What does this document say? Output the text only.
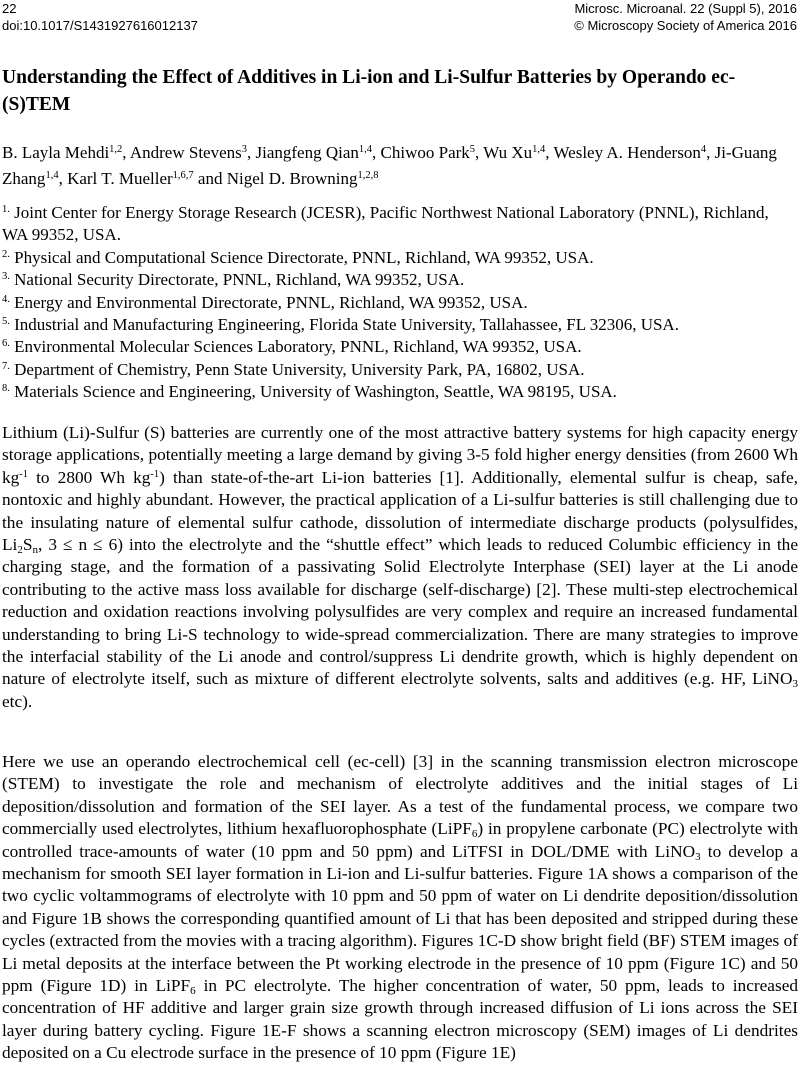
22
doi:10.1017/S1431927616012137
Microsc. Microanal. 22 (Suppl 5), 2016
© Microscopy Society of America 2016
Understanding the Effect of Additives in Li-ion and Li-Sulfur Batteries by Operando ec- (S)TEM

B. Layla Mehdi$^{1,2}$, Andrew Stevens$^3$, Jiangfeng Qian$^{1,4}$, Chiwoo Park$^5$, Wu Xu$^{1,4}$, Wesley A. Henderson$^4$, Ji-Guang Zhang$^{1,4}$, Karl T. Mueller$^{1,6,7}$ and Nigel D. Browning$^{1,2,8}$

$^{1.}$ Joint Center for Energy Storage Research (JCESR), Pacific Northwest National Laboratory (PNNL), Richland, WA 99352, USA.

$^{2.}$ Physical and Computational Science Directorate, PNNL, Richland, WA 99352, USA.

$^{3.}$ National Security Directorate, PNNL, Richland, WA 99352, USA.

$^{4.}$ Energy and Environmental Directorate, PNNL, Richland, WA 99352, USA.

$^{5.}$ Industrial and Manufacturing Engineering, Florida State University, Tallahassee, FL 32306, USA.

$^{6.}$ Environmental Molecular Sciences Laboratory, PNNL, Richland, WA 99352, USA.

$^{7.}$ Department of Chemistry, Penn State University, University Park, PA, 16802, USA.

$^{8.}$ Materials Science and Engineering, University of Washington, Seattle, WA 98195, USA.

Lithium (Li)-Sulfur (S) batteries are currently one of the most attractive battery systems for high capacity energy storage applications, potentially meeting a large demand by giving 3-5 fold higher energy densities (from 2600 Wh $kg^{-1}$ to 2800 Wh $kg^{-1}$) than state-of-the-art Li-ion batteries [1]. Additionally, elemental sulfur is cheap, safe, nontoxic and highly abundant. However, the practical application of a Li-sulfur batteries is still challenging due to the insulating nature of elemental sulfur cathode, dissolution of intermediate discharge products (polysulfides, $Li_2S_n$, 3 ≤ n ≤ 6) into the electrolyte and the “shuttle effect” which leads to reduced Columbic efficiency in the charging stage, and the formation of a passivating Solid Electrolyte Interphase (SEI) layer at the Li anode contributing to the active mass loss available for discharge (self-discharge) [2]. These multi-step electrochemical reduction and oxidation reactions involving polysulfides are very complex and require an increased fundamental understanding to bring Li-S technology to wide-spread commercialization. There are many strategies to improve the interfacial stability of the Li anode and control/suppress Li dendrite growth, which is highly dependent on nature of electrolyte itself, such as mixture of different electrolyte solvents, salts and additives (e.g. HF, LiNO$_3$ etc).

Here we use an operando electrochemical cell (ec-cell) [3] in the scanning transmission electron microscope (STEM) to investigate the role and mechanism of electrolyte additives and the initial stages of Li deposition/dissolution and formation of the SEI layer. As a test of the fundamental process, we compare two commercially used electrolytes, lithium hexafluorophosphate (LiPF$_6$) in propylene carbonate (PC) electrolyte with controlled trace-amounts of water (10 ppm and 50 ppm) and LiTFSI in DOL/DME with LiNO$_3$ to develop a mechanism for smooth SEI layer formation in Li-ion and Li-sulfur batteries. Figure 1A shows a comparison of the two cyclic voltammograms of electrolyte with 10 ppm and 50 ppm of water on Li dendrite deposition/dissolution and Figure 1B shows the corresponding quantified amount of Li that has been deposited and stripped during these cycles (extracted from the movies with a tracing algorithm). Figures 1C-D show bright field (BF) STEM images of Li metal deposits at the interface between the Pt working electrode in the presence of 10 ppm (Figure 1C) and 50 ppm (Figure 1D) in LiPF$_6$ in PC electrolyte. The higher concentration of water, 50 ppm, leads to increased concentration of HF additive and larger grain size growth through increased diffusion of Li ions across the SEI layer during battery cycling. Figure 1E-F shows a scanning electron microscopy (SEM) images of Li dendrites deposited on a Cu electrode surface in the presence of 10 ppm (Figure 1E)
